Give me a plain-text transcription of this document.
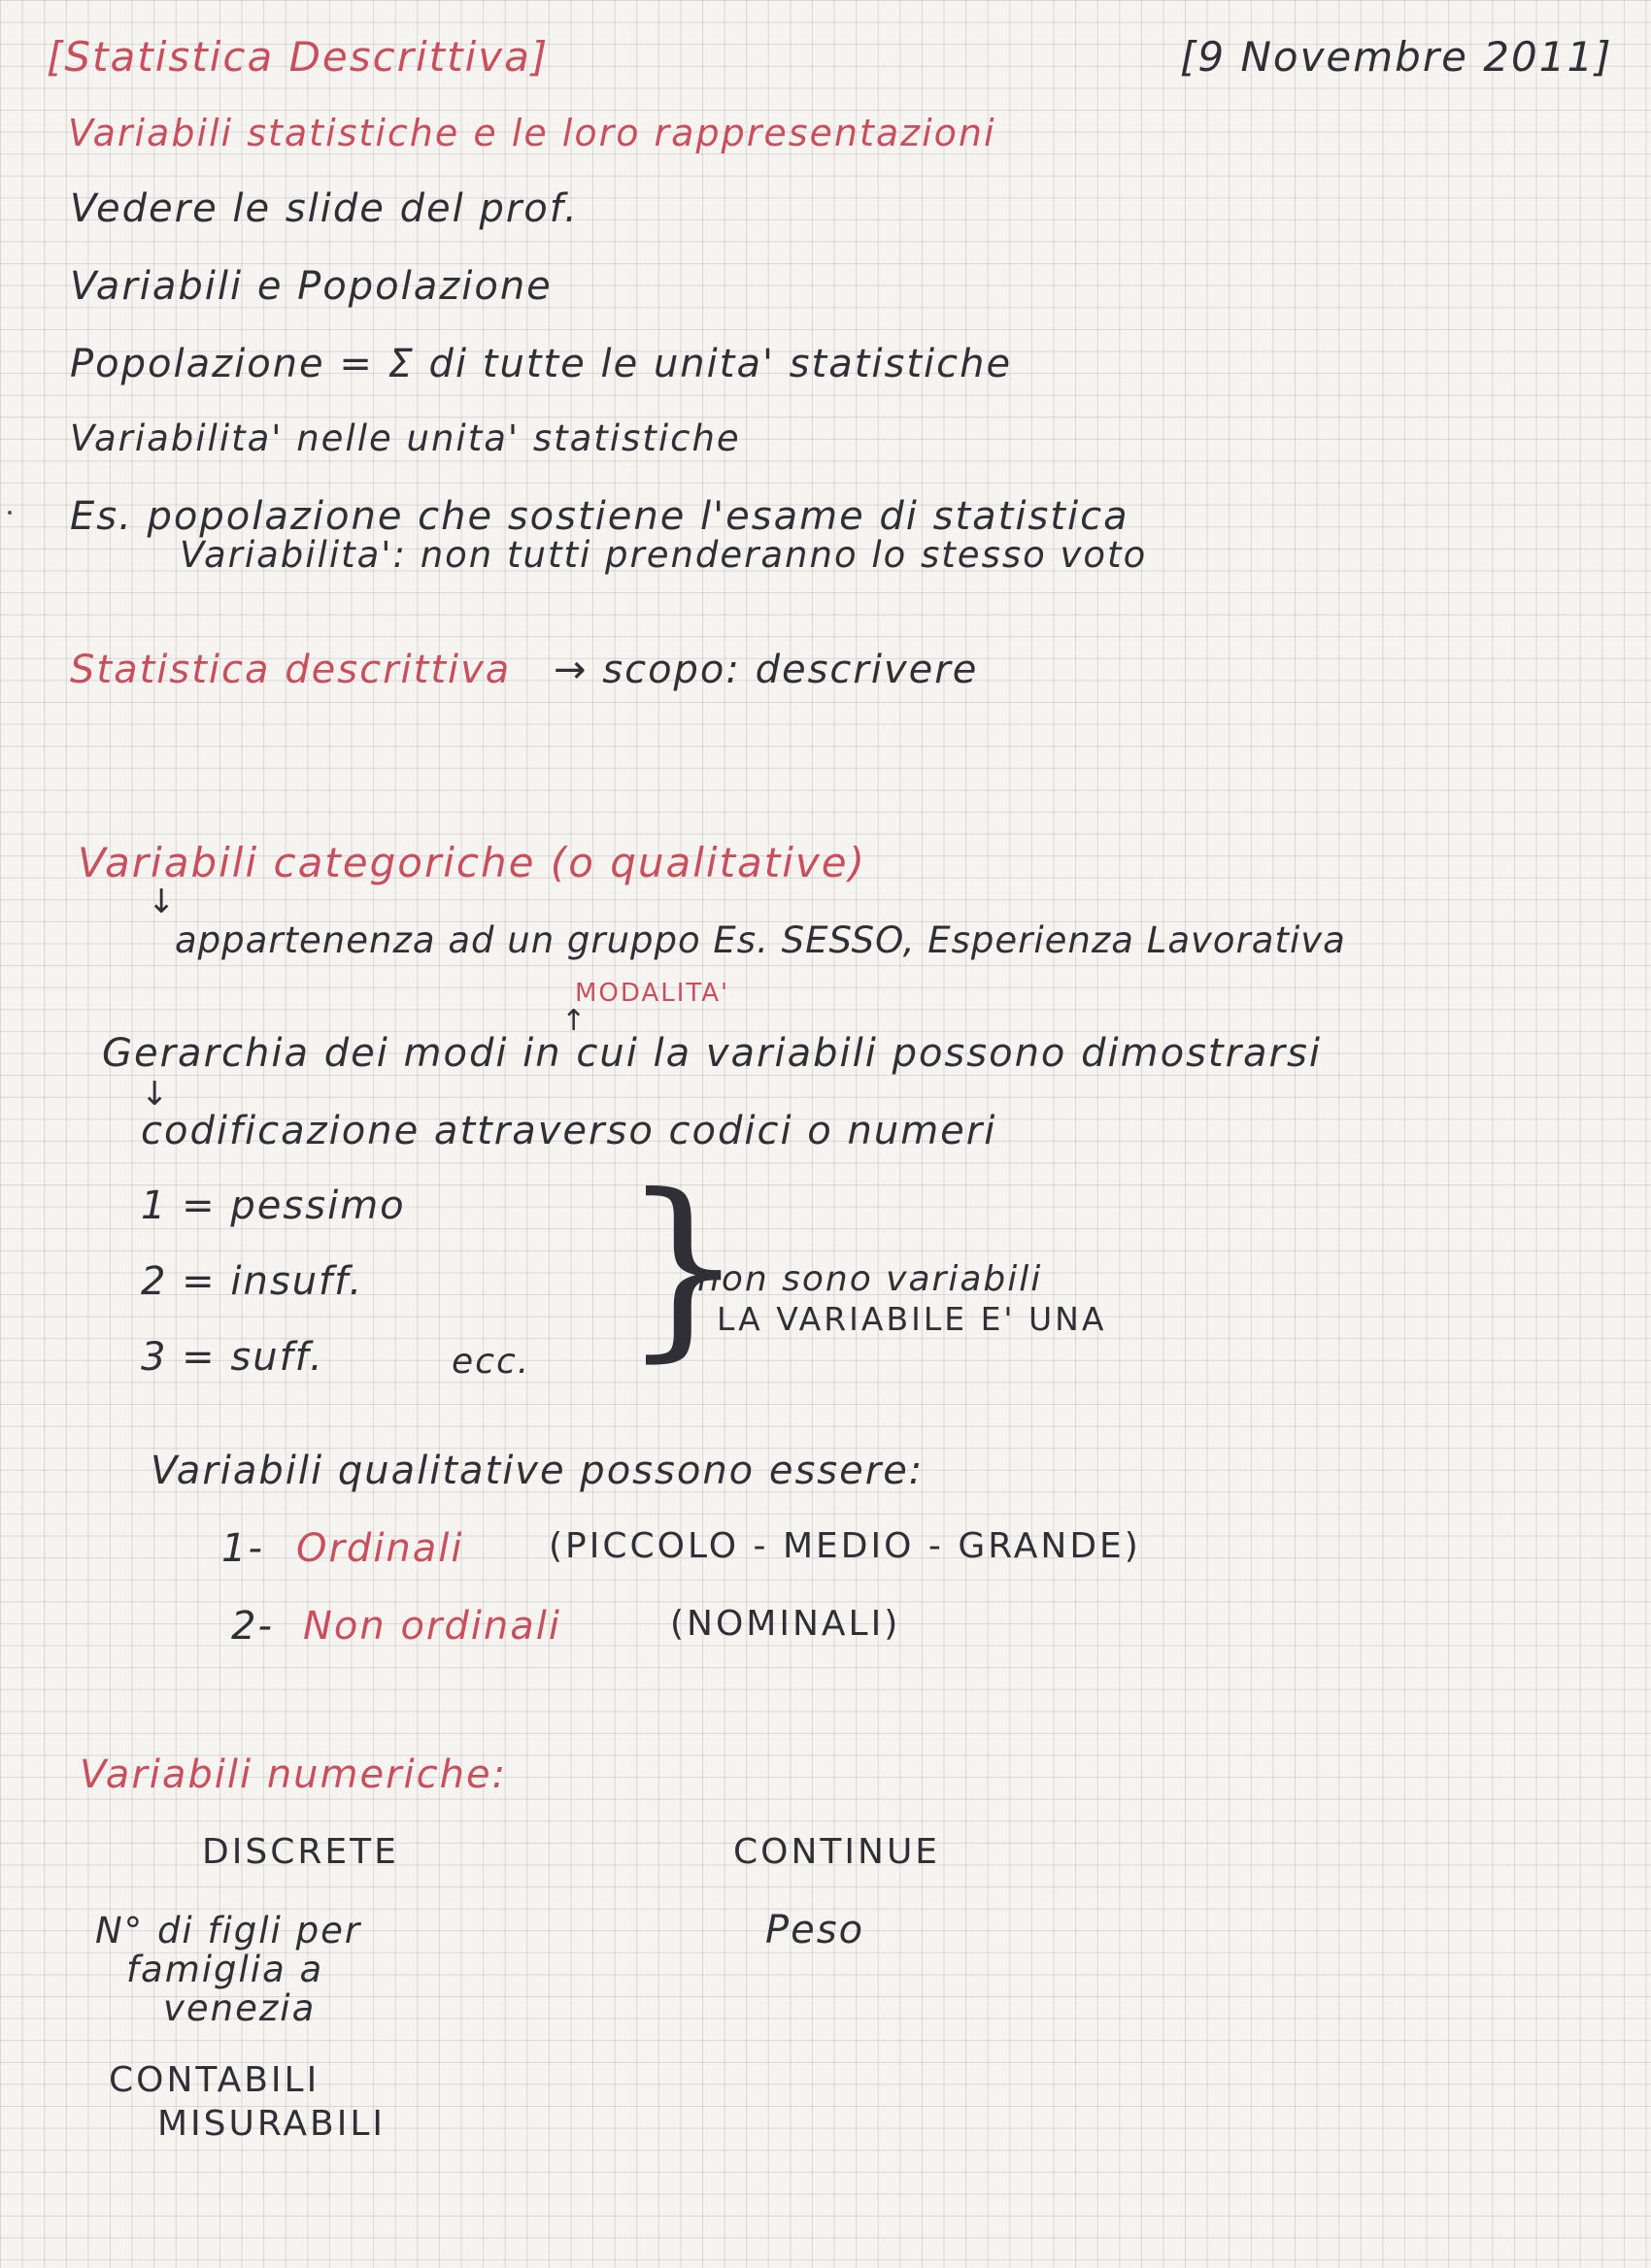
[Statistica Descrittiva]	[9 Novembre 2011]
Variabili statistiche e le loro rappresentazioni
Vedere le slide del prof.
Variabili e Popolazione
Popolazione = Σ di tutte le unita' statistiche
Variabilita' nelle unita' statistiche
Es. popolazione che sostiene l'esame di statistica
Variabilita': non tutti prenderanno lo stesso voto
Statistica descrittiva → scopo: descrivere
Variabili categoriche (o qualitative)
↓
appartenenza ad un gruppo Es. SESSO, Esperienza Lavorativa
↑
MODALITA'
Gerarchia dei modi in cui la variabili possono dimostrarsi
↓
codificazione attraverso codici o numeri
1 = pessimo
2 = insuff.
3 = suff.	ecc. }
non sono variabili
LA VARIABILE E' UNA
Variabili qualitative possono essere:
1- Ordinali (PICCOLO - MEDIO - GRANDE)
2- Non ordinali	(NOMINALI)
Variabili numeriche:
DISCRETE	CONTINUE
N° di figli per
famiglia a
venezia
Peso
CONTABILI
MISURABILI
